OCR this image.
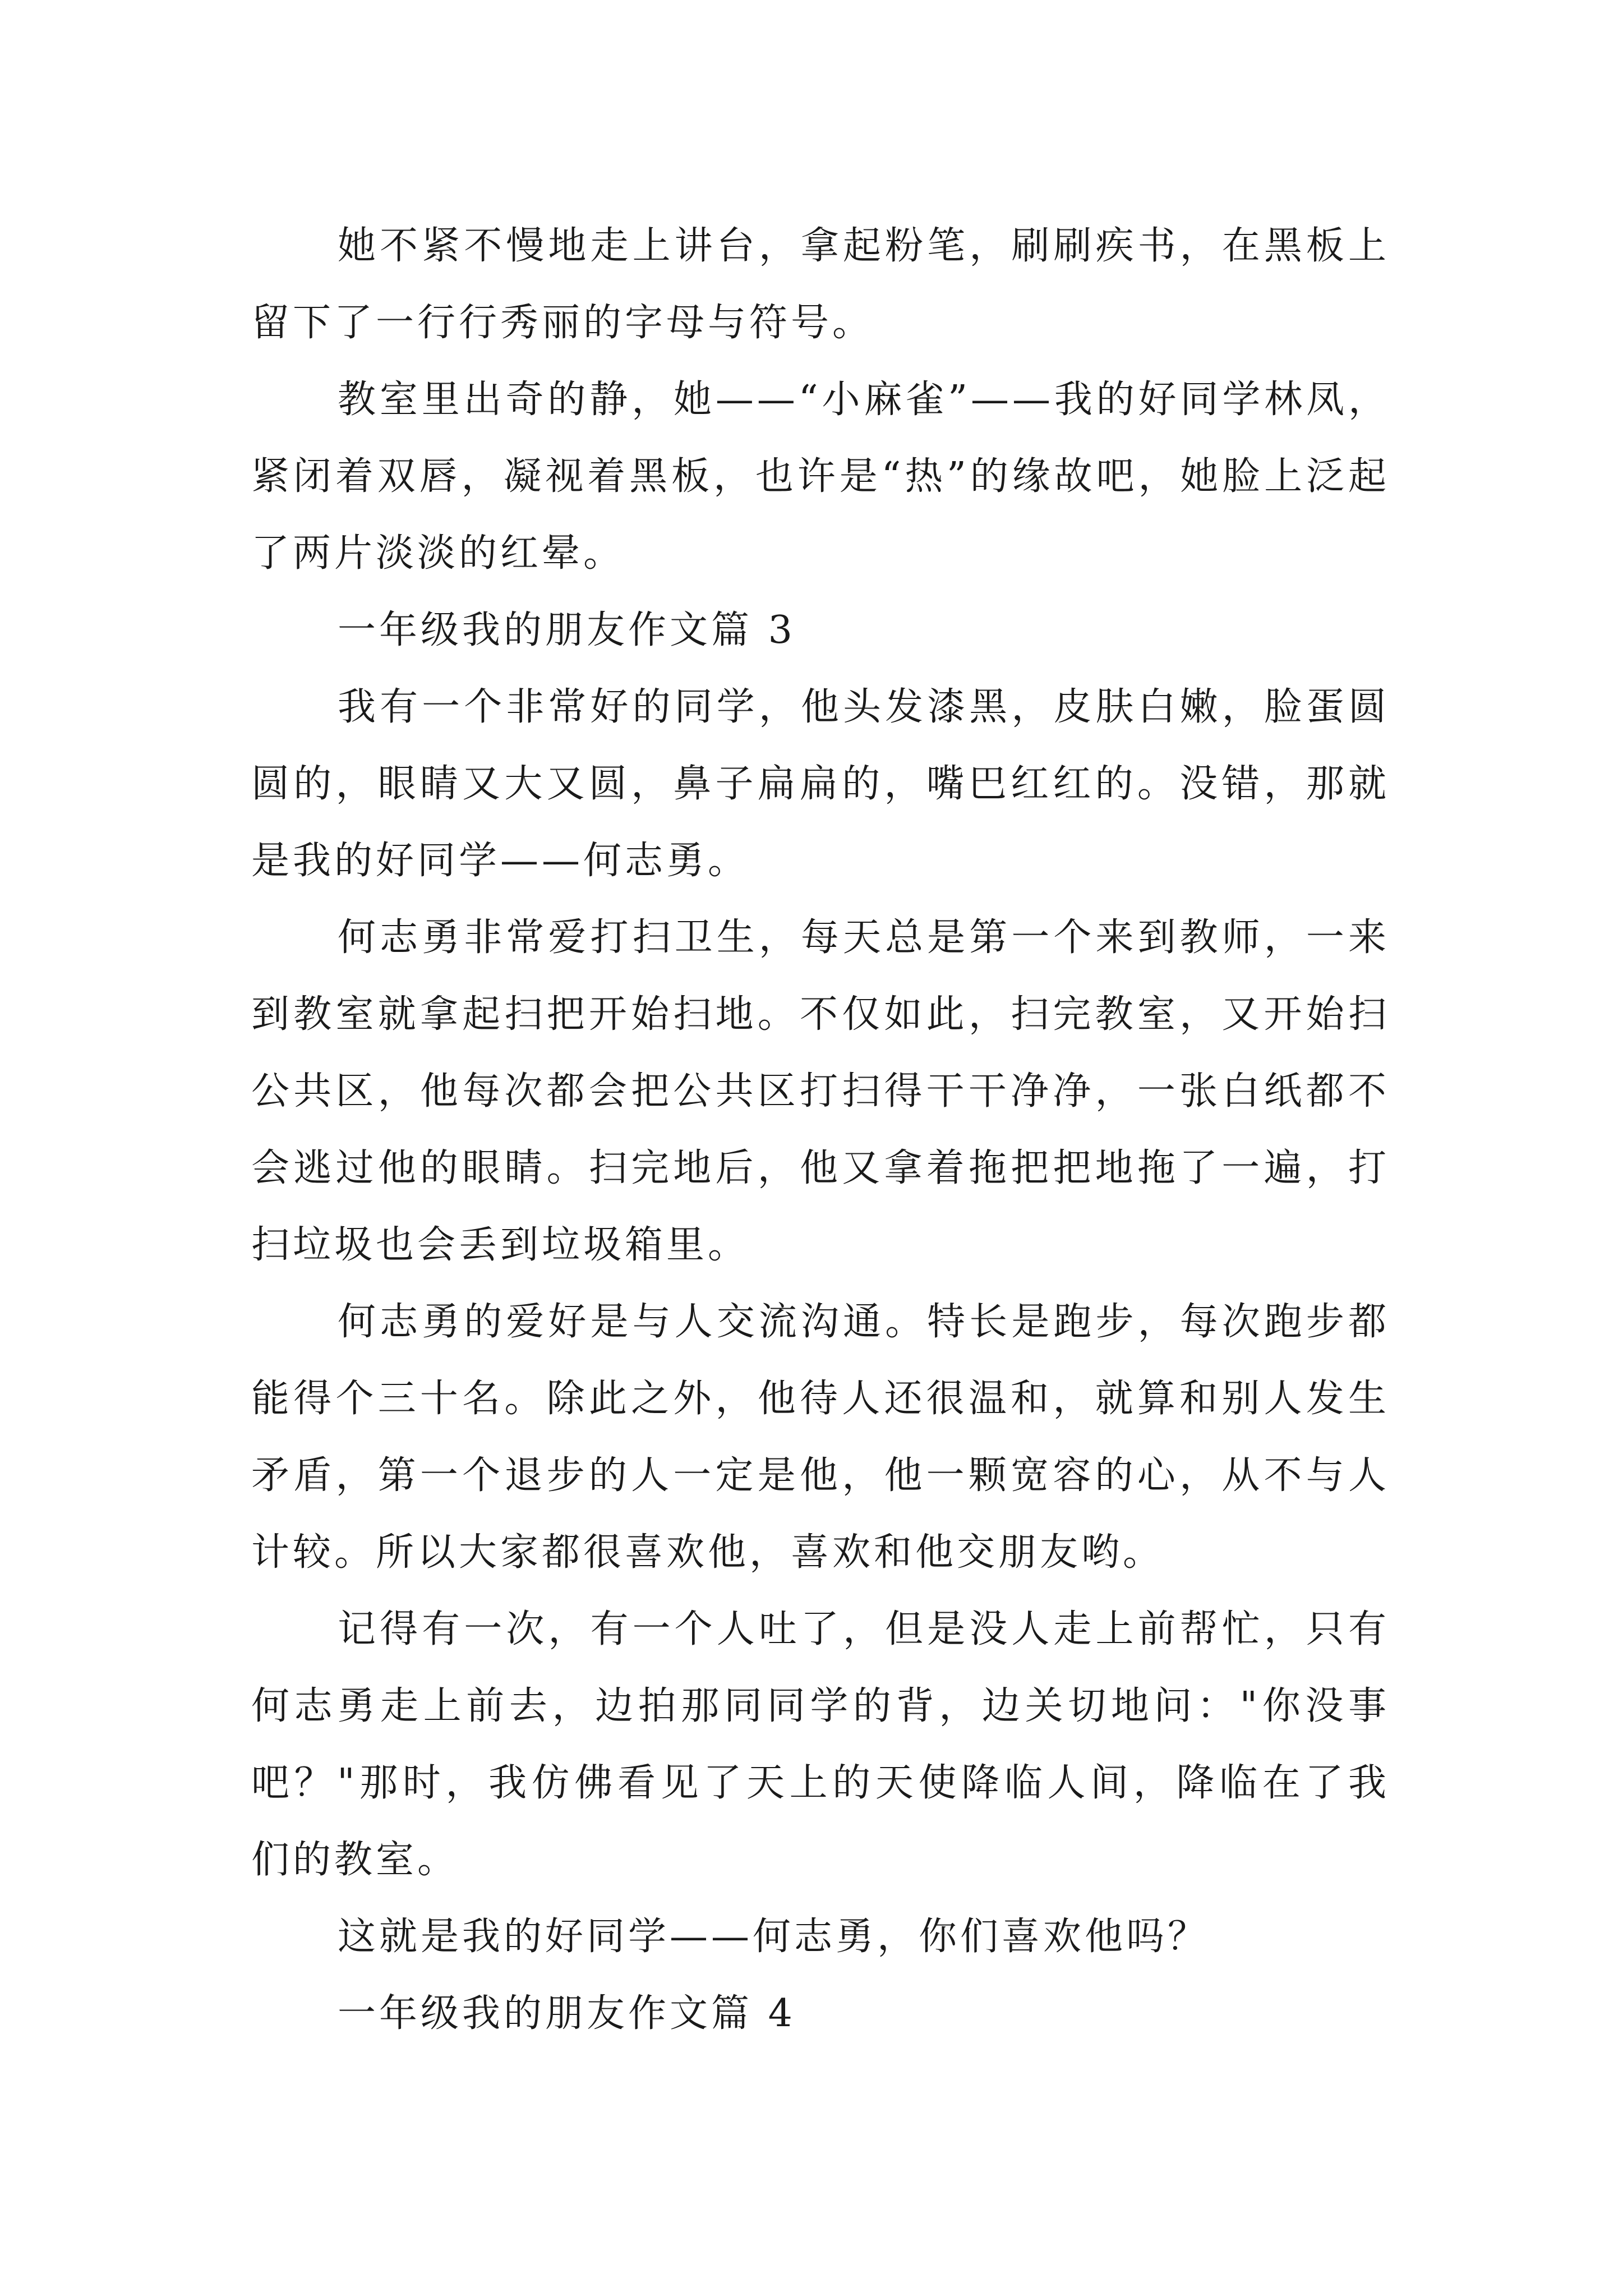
她不紧不慢地走上讲台，拿起粉笔，刷刷疾书，在黑板上留下了一行行秀丽的字母与符号。

教室里出奇的静，她——“小麻雀”——我的好同学林凤，紧闭着双唇，凝视着黑板，也许是“热”的缘故吧，她脸上泛起了两片淡淡的红晕。

一年级我的朋友作文篇 3

我有一个非常好的同学，他头发漆黑，皮肤白嫩，脸蛋圆圆的，眼睛又大又圆，鼻子扁扁的，嘴巴红红的。没错，那就是我的好同学——何志勇。

何志勇非常爱打扫卫生，每天总是第一个来到教师，一来到教室就拿起扫把开始扫地。不仅如此，扫完教室，又开始扫公共区，他每次都会把公共区打扫得干干净净，一张白纸都不会逃过他的眼睛。扫完地后，他又拿着拖把把地拖了一遍，打扫垃圾也会丢到垃圾箱里。

何志勇的爱好是与人交流沟通。特长是跑步，每次跑步都能得个三十名。除此之外，他待人还很温和，就算和别人发生矛盾，第一个退步的人一定是他，他一颗宽容的心，从不与人计较。所以大家都很喜欢他，喜欢和他交朋友哟。

记得有一次，有一个人吐了，但是没人走上前帮忙，只有何志勇走上前去，边拍那同同学的背，边关切地问："你没事吧？"那时，我仿佛看见了天上的天使降临人间，降临在了我们的教室。

这就是我的好同学——何志勇，你们喜欢他吗？

一年级我的朋友作文篇 4
